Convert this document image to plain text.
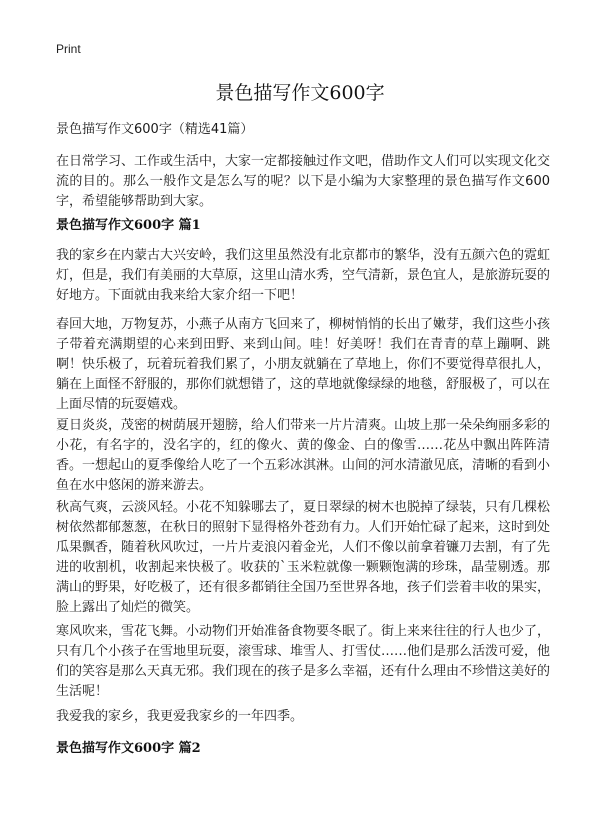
Print
景色描写作文600字

景色描写作文600字（精选41篇）

在日常学习、工作或生活中，大家一定都接触过作文吧，借助作文人们可以实现文化交流的目的。那么一般作文是怎么写的呢？以下是小编为大家整理的景色描写作文600字，希望能够帮助到大家。

景色描写作文600字 篇1

我的家乡在内蒙古大兴安岭，我们这里虽然没有北京都市的繁华，没有五颜六色的霓虹灯，但是，我们有美丽的大草原，这里山清水秀，空气清新，景色宜人，是旅游玩耍的好地方。下面就由我来给大家介绍一下吧！

春回大地，万物复苏，小燕子从南方飞回来了，柳树悄悄的长出了嫩芽，我们这些小孩子带着充满期望的心来到田野、来到山间。哇！好美呀！我们在青青的草上蹦啊、跳啊！快乐极了，玩着玩着我们累了，小朋友就躺在了草地上，你们不要觉得草很扎人，躺在上面怪不舒服的，那你们就想错了，这的草地就像绿绿的地毯，舒服极了，可以在上面尽情的玩耍嬉戏。

夏日炎炎，茂密的树荫展开翅膀，给人们带来一片片清爽。山坡上那一朵朵绚丽多彩的小花，有名字的，没名字的，红的像火、黄的像金、白的像雪……花丛中飘出阵阵清香。一想起山的夏季像给人吃了一个五彩冰淇淋。山间的河水清澈见底，清晰的看到小鱼在水中悠闲的游来游去。

秋高气爽，云淡风轻。小花不知躲哪去了，夏日翠绿的树木也脱掉了绿装，只有几棵松树依然都郁葱葱，在秋日的照射下显得格外苍劲有力。人们开始忙碌了起来，这时到处瓜果飘香，随着秋风吹过，一片片麦浪闪着金光，人们不像以前拿着镰刀去割，有了先进的收割机，收割起来快极了。收获的`玉米粒就像一颗颗饱满的珍珠，晶莹剔透。那满山的野果，好吃极了，还有很多都销往全国乃至世界各地，孩子们尝着丰收的果实，脸上露出了灿烂的微笑。

寒风吹来，雪花飞舞。小动物们开始准备食物要冬眠了。街上来来往往的行人也少了，只有几个小孩子在雪地里玩耍，滚雪球、堆雪人、打雪仗……他们是那么活泼可爱，他们的笑容是那么天真无邪。我们现在的孩子是多么幸福，还有什么理由不珍惜这美好的生活呢！

我爱我的家乡，我更爱我家乡的一年四季。

景色描写作文600字 篇2
